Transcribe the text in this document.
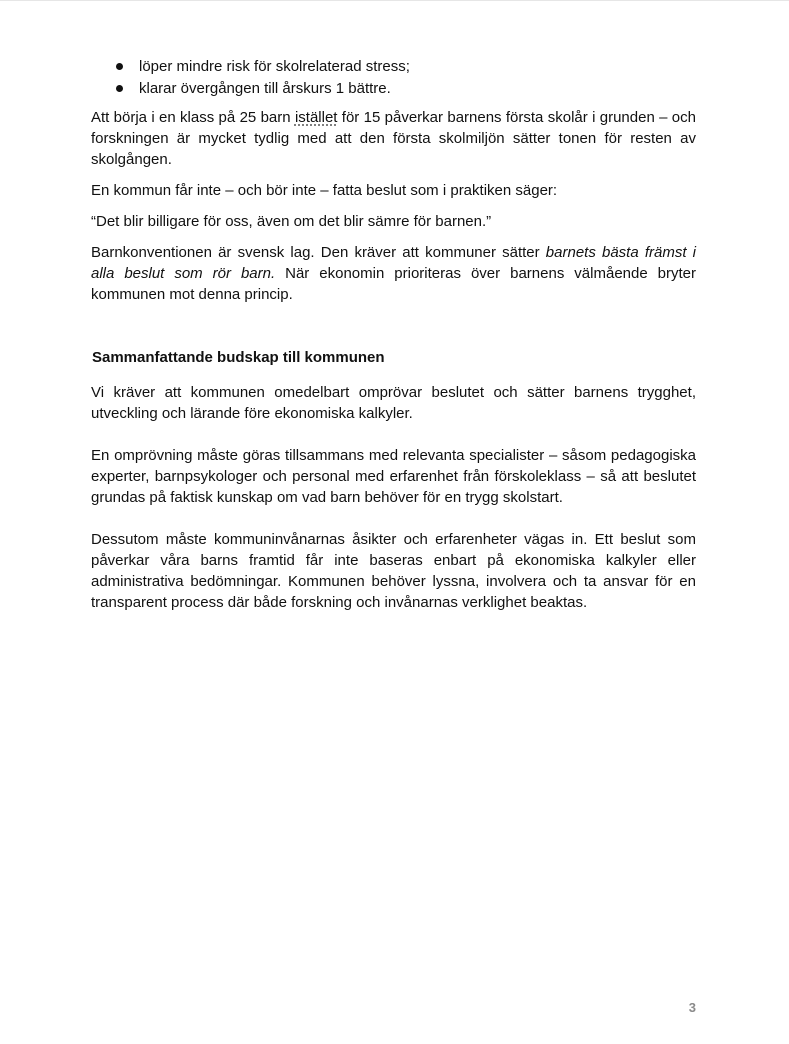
löper mindre risk för skolrelaterad stress;
klarar övergången till årskurs 1 bättre.

Att börja i en klass på 25 barn istället för 15 påverkar barnens första skolår i grunden – och forskningen är mycket tydlig med att den första skolmiljön sätter tonen för resten av skolgången.

En kommun får inte – och bör inte – fatta beslut som i praktiken säger:

“Det blir billigare för oss, även om det blir sämre för barnen.”

Barnkonventionen är svensk lag. Den kräver att kommuner sätter barnets bästa främst i alla beslut som rör barn. När ekonomin prioriteras över barnens välmående bryter kommunen mot denna princip.

Sammanfattande budskap till kommunen

Vi kräver att kommunen omedelbart omprövar beslutet och sätter barnens trygghet, utveckling och lärande före ekonomiska kalkyler.

En omprövning måste göras tillsammans med relevanta specialister – såsom pedagogiska experter, barnpsykologer och personal med erfarenhet från förskoleklass – så att beslutet grundas på faktisk kunskap om vad barn behöver för en trygg skolstart.

Dessutom måste kommuninvånarnas åsikter och erfarenheter vägas in. Ett beslut som påverkar våra barns framtid får inte baseras enbart på ekonomiska kalkyler eller administrativa bedömningar. Kommunen behöver lyssna, involvera och ta ansvar för en transparent process där både forskning och invånarnas verklighet beaktas.

3
